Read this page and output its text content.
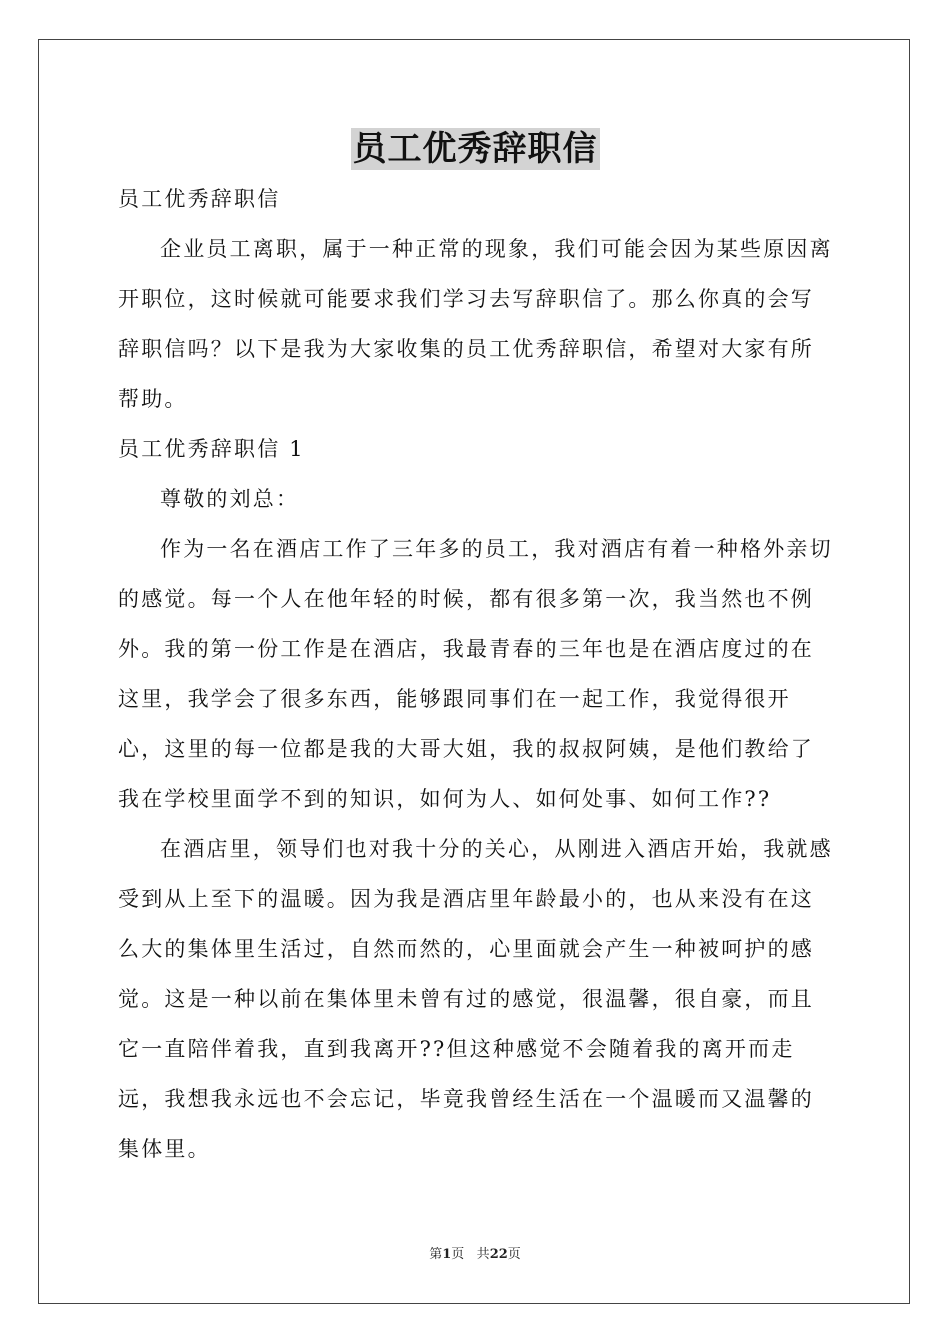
员工优秀辞职信

员工优秀辞职信

企业员工离职，属于一种正常的现象，我们可能会因为某些原因离开职位，这时候就可能要求我们学习去写辞职信了。那么你真的会写辞职信吗？以下是我为大家收集的员工优秀辞职信，希望对大家有所帮助。

员工优秀辞职信 1

尊敬的刘总：

作为一名在酒店工作了三年多的员工，我对酒店有着一种格外亲切的感觉。每一个人在他年轻的时候，都有很多第一次，我当然也不例外。我的第一份工作是在酒店，我最青春的三年也是在酒店度过的在这里，我学会了很多东西，能够跟同事们在一起工作，我觉得很开心，这里的每一位都是我的大哥大姐，我的叔叔阿姨，是他们教给了我在学校里面学不到的知识，如何为人、如何处事、如何工作??

在酒店里，领导们也对我十分的关心，从刚进入酒店开始，我就感受到从上至下的温暖。因为我是酒店里年龄最小的，也从来没有在这么大的集体里生活过，自然而然的，心里面就会产生一种被呵护的感觉。这是一种以前在集体里未曾有过的感觉，很温馨，很自豪，而且它一直陪伴着我，直到我离开??但这种感觉不会随着我的离开而走远，我想我永远也不会忘记，毕竟我曾经生活在一个温暖而又温馨的集体里。

第1页 共22页
